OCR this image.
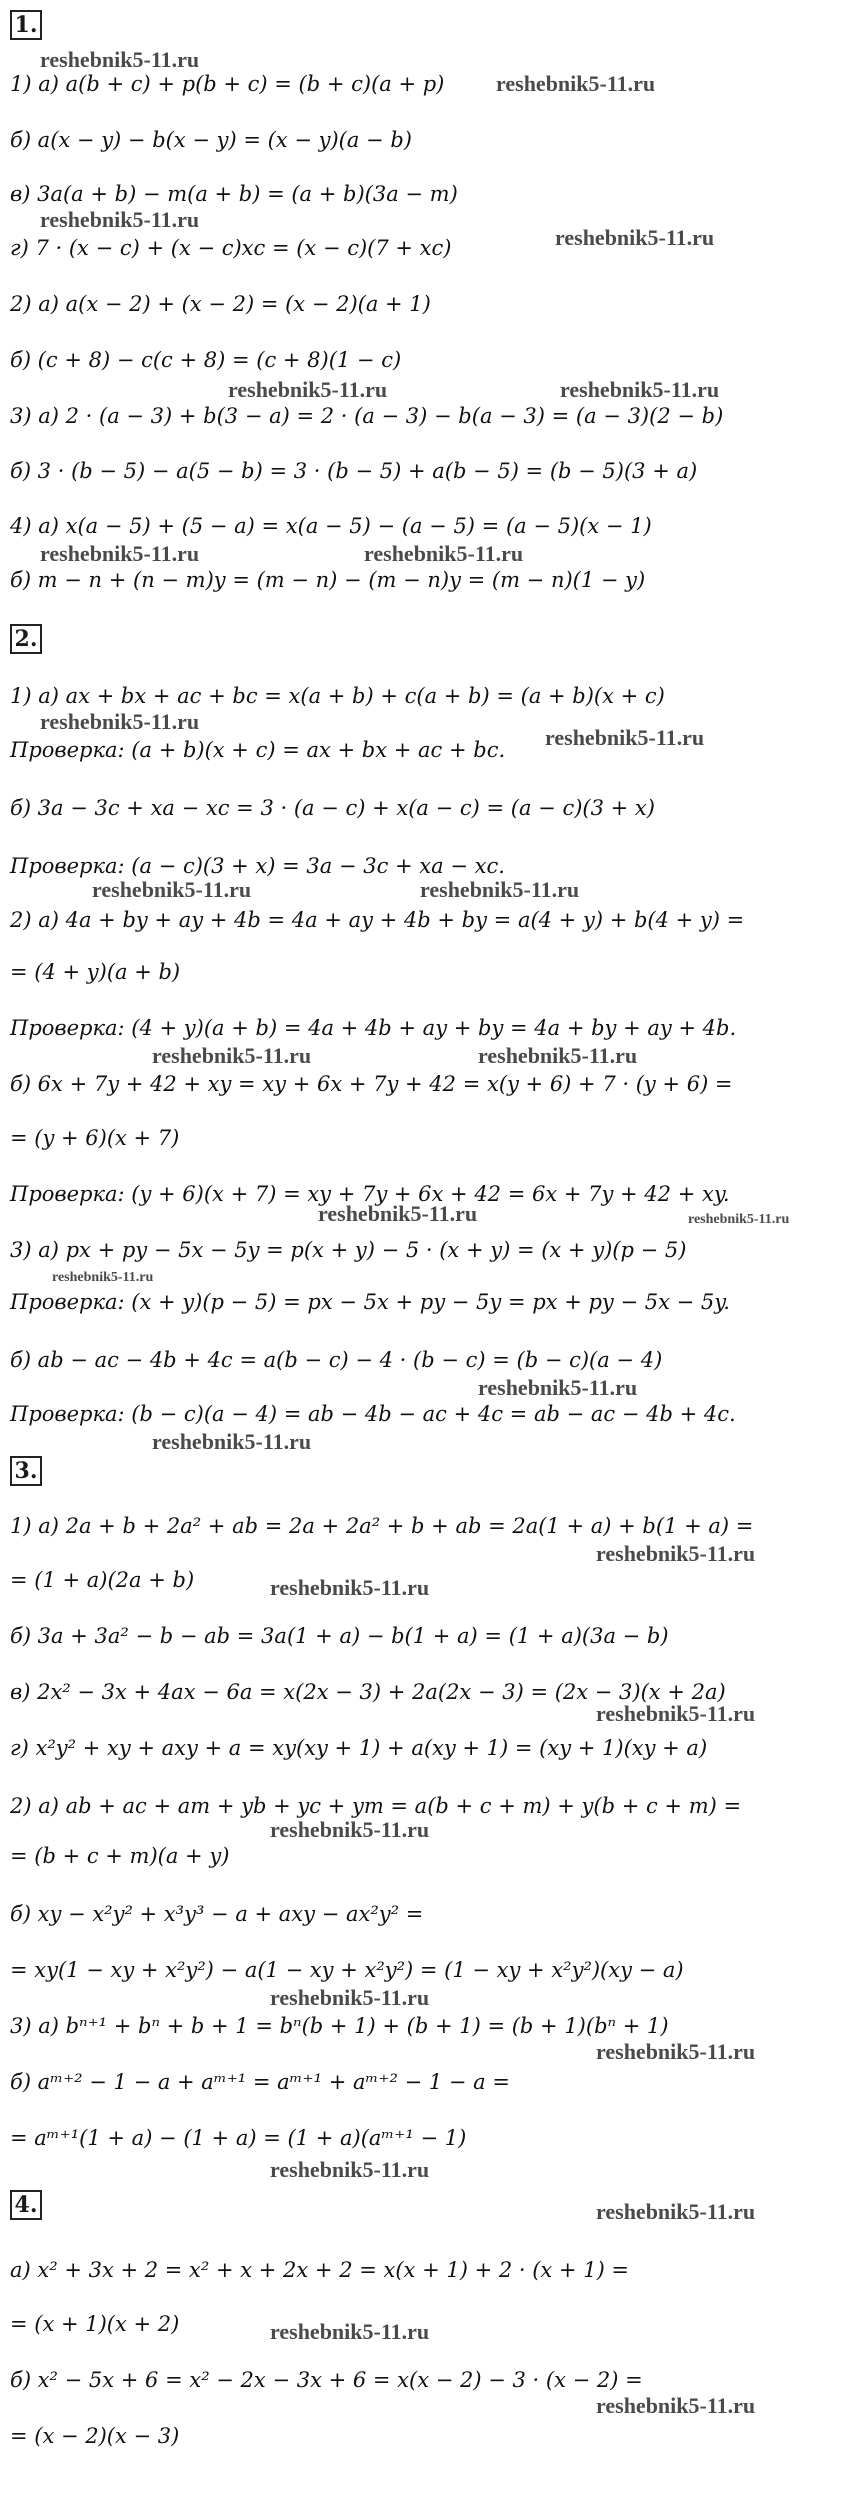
1.
1) а) a(b + c) + p(b + c) = (b + c)(a + p)
б) a(x − y) − b(x − y) = (x − y)(a − b)
в) 3a(a + b) − m(a + b) = (a + b)(3a − m)
г) 7 · (x − c) + (x − c)xc = (x − c)(7 + xc)
2) а) a(x − 2) + (x − 2) = (x − 2)(a + 1)
б) (c + 8) − c(c + 8) = (c + 8)(1 − c)
3) а) 2 · (a − 3) + b(3 − a) = 2 · (a − 3) − b(a − 3) = (a − 3)(2 − b)
б) 3 · (b − 5) − a(5 − b) = 3 · (b − 5) + a(b − 5) = (b − 5)(3 + a)
4) а) x(a − 5) + (5 − a) = x(a − 5) − (a − 5) = (a − 5)(x − 1)
б) m − n + (n − m)y = (m − n) − (m − n)y = (m − n)(1 − y)
reshebnik5-11.ru
reshebnik5-11.ru
reshebnik5-11.ru
reshebnik5-11.ru
reshebnik5-11.ru	reshebnik5-11.ru
reshebnik5-11.ru	reshebnik5-11.ru
2.
1) а) ax + bx + ac + bc = x(a + b) + c(a + b) = (a + b)(x + c)
Проверка: (a + b)(x + c) = ax + bx + ac + bc.
б) 3a − 3c + xa − xc = 3 · (a − c) + x(a − c) = (a − c)(3 + x)
Проверка: (a − c)(3 + x) = 3a − 3c + xa − xc.
2) а) 4a + by + ay + 4b = 4a + ay + 4b + by = a(4 + y) + b(4 + y) =
= (4 + y)(a + b)
Проверка: (4 + y)(a + b) = 4a + 4b + ay + by = 4a + by + ay + 4b.
б) 6x + 7y + 42 + xy = xy + 6x + 7y + 42 = x(y + 6) + 7 · (y + 6) =
= (y + 6)(x + 7)
Проверка: (y + 6)(x + 7) = xy + 7y + 6x + 42 = 6x + 7y + 42 + xy.
3) а) px + py − 5x − 5y = p(x + y) − 5 · (x + y) = (x + y)(p − 5)
Проверка: (x + y)(p − 5) = px − 5x + py − 5y = px + py − 5x − 5y.
б) ab − ac − 4b + 4c = a(b − c) − 4 · (b − c) = (b − c)(a − 4)
Проверка: (b − c)(a − 4) = ab − 4b − ac + 4c = ab − ac − 4b + 4c.
reshebnik5-11.ru
reshebnik5-11.ru
reshebnik5-11.ru	reshebnik5-11.ru
reshebnik5-11.ru	reshebnik5-11.ru
reshebnik5-11.ru	reshebnik5-11.ru
reshebnik5-11.ru
reshebnik5-11.ru
reshebnik5-11.ru
3.
1) а) 2a + b + 2a² + ab = 2a + 2a² + b + ab = 2a(1 + a) + b(1 + a) =
= (1 + a)(2a + b)
б) 3a + 3a² − b − ab = 3a(1 + a) − b(1 + a) = (1 + a)(3a − b)
в) 2x² − 3x + 4ax − 6a = x(2x − 3) + 2a(2x − 3) = (2x − 3)(x + 2a)
г) x²y² + xy + axy + a = xy(xy + 1) + a(xy + 1) = (xy + 1)(xy + a)
2) а) ab + ac + am + yb + yc + ym = a(b + c + m) + y(b + c + m) =
= (b + c + m)(a + y)
б) xy − x²y² + x³y³ − a + axy − ax²y² =
= xy(1 − xy + x²y²) − a(1 − xy + x²y²) = (1 − xy + x²y²)(xy − a)
3) а) bⁿ⁺¹ + bⁿ + b + 1 = bⁿ(b + 1) + (b + 1) = (b + 1)(bⁿ + 1)
б) aᵐ⁺² − 1 − a + aᵐ⁺¹ = aᵐ⁺¹ + aᵐ⁺² − 1 − a =
= aᵐ⁺¹(1 + a) − (1 + a) = (1 + a)(aᵐ⁺¹ − 1)
reshebnik5-11.ru
reshebnik5-11.ru
reshebnik5-11.ru
reshebnik5-11.ru
reshebnik5-11.ru
reshebnik5-11.ru
reshebnik5-11.ru
4.
а) x² + 3x + 2 = x² + x + 2x + 2 = x(x + 1) + 2 · (x + 1) =
= (x + 1)(x + 2)
б) x² − 5x + 6 = x² − 2x − 3x + 6 = x(x − 2) − 3 · (x − 2) =
= (x − 2)(x − 3)
reshebnik5-11.ru
reshebnik5-11.ru
reshebnik5-11.ru
